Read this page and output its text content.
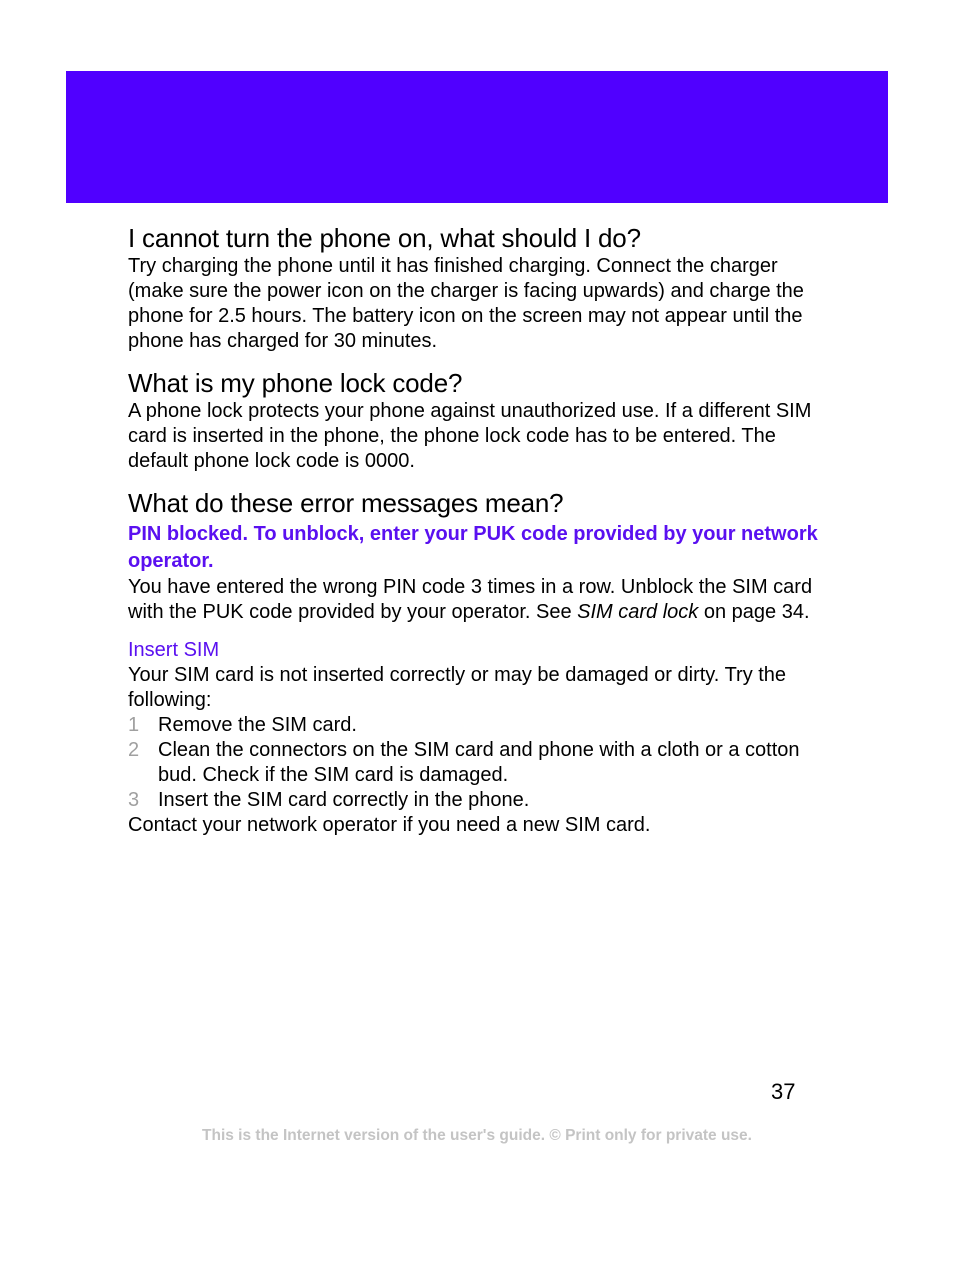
I cannot turn the phone on, what should I do?

Try charging the phone until it has finished charging. Connect the charger (make sure the power icon on the charger is facing upwards) and charge the phone for 2.5 hours. The battery icon on the screen may not appear until the phone has charged for 30 minutes.

What is my phone lock code?

A phone lock protects your phone against unauthorized use. If a different SIM card is inserted in the phone, the phone lock code has to be entered. The default phone lock code is 0000.

What do these error messages mean?

PIN blocked. To unblock, enter your PUK code provided by your network operator.

You have entered the wrong PIN code 3 times in a row. Unblock the SIM card with the PUK code provided by your operator. See SIM card lock on page 34.

Insert SIM

Your SIM card is not inserted correctly or may be damaged or dirty. Try the following:

1 Remove the SIM card.
2 Clean the connectors on the SIM card and phone with a cloth or a cotton bud. Check if the SIM card is damaged.
3 Insert the SIM card correctly in the phone.

Contact your network operator if you need a new SIM card.

37
This is the Internet version of the user's guide. © Print only for private use.
